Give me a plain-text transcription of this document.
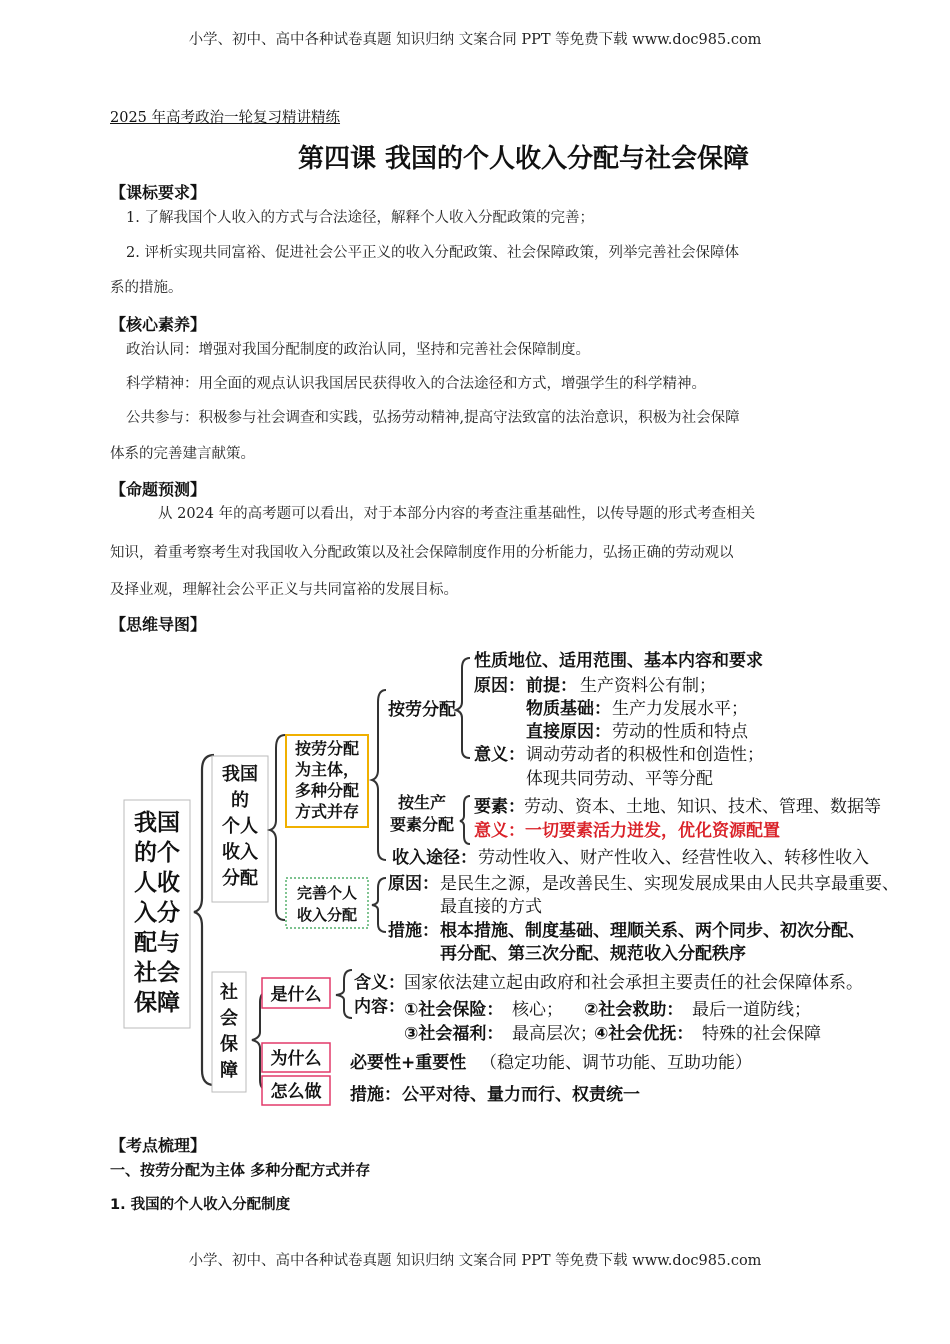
小学、初中、高中各种试卷真题 知识归纳 文案合同 PPT 等免费下载 www.doc985.com
小学、初中、高中各种试卷真题 知识归纳 文案合同 PPT 等免费下载 www.doc985.com
2025 年高考政治一轮复习精讲精练
第四课 我国的个人收入分配与社会保障
【课标要求】
1. 了解我国个人收入的方式与合法途径，解释个人收入分配政策的完善；
2. 评析实现共同富裕、促进社会公平正义的收入分配政策、社会保障政策，列举完善社会保障体
系的措施。
【核心素养】
政治认同：增强对我国分配制度的政治认同，坚持和完善社会保障制度。
科学精神：用全面的观点认识我国居民获得收入的合法途径和方式，增强学生的科学精神。
公共参与：积极参与社会调查和实践，弘扬劳动精神,提高守法致富的法治意识，积极为社会保障
体系的完善建言献策。
【命题预测】
从 2024 年的高考题可以看出，对于本部分内容的考查注重基础性，以传导题的形式考查相关
知识，着重考察考生对我国收入分配政策以及社会保障制度作用的分析能力，弘扬正确的劳动观以
及择业观，理解社会公平正义与共同富裕的发展目标。
【思维导图】
我国
的个
人收
入分
配与
社会
保障
我国
的
个人
收入
分配
按劳分配
为主体，
多种分配
方式并存
按劳分配
性质地位、适用范围、基本内容和要求
原因： 前提： 生产资料公有制；
物质基础： 生产力发展水平；
直接原因： 劳动的性质和特点
意义： 调动劳动者的积极性和创造性；
体现共同劳动、平等分配
按生产
要素分配
要素： 劳动、资本、土地、知识、技术、管理、数据等
意义：一切要素活力迸发，优化资源配置
收入途径： 劳动性收入、财产性收入、经营性收入、转移性收入
完善个人
收入分配
原因： 是民生之源，是改善民生、实现发展成果由人民共享最重要、
最直接的方式
措施： 根本措施、制度基础、理顺关系、两个同步、初次分配、
再分配、第三次分配、规范收入分配秩序
社
会
保
障
是什么
含义： 国家依法建立起由政府和社会承担主要责任的社会保障体系。
内容： ①社会保险： 核心； ②社会救助： 最后一道防线；
③社会福利： 最高层次；
④社会优抚： 特殊的社会保障
为什么 必要性+重要性 （稳定功能、调节功能、互助功能）
怎么做 措施： 公平对待、量力而行、权责统一
【考点梳理】
一、按劳分配为主体 多种分配方式并存
1. 我国的个人收入分配制度
